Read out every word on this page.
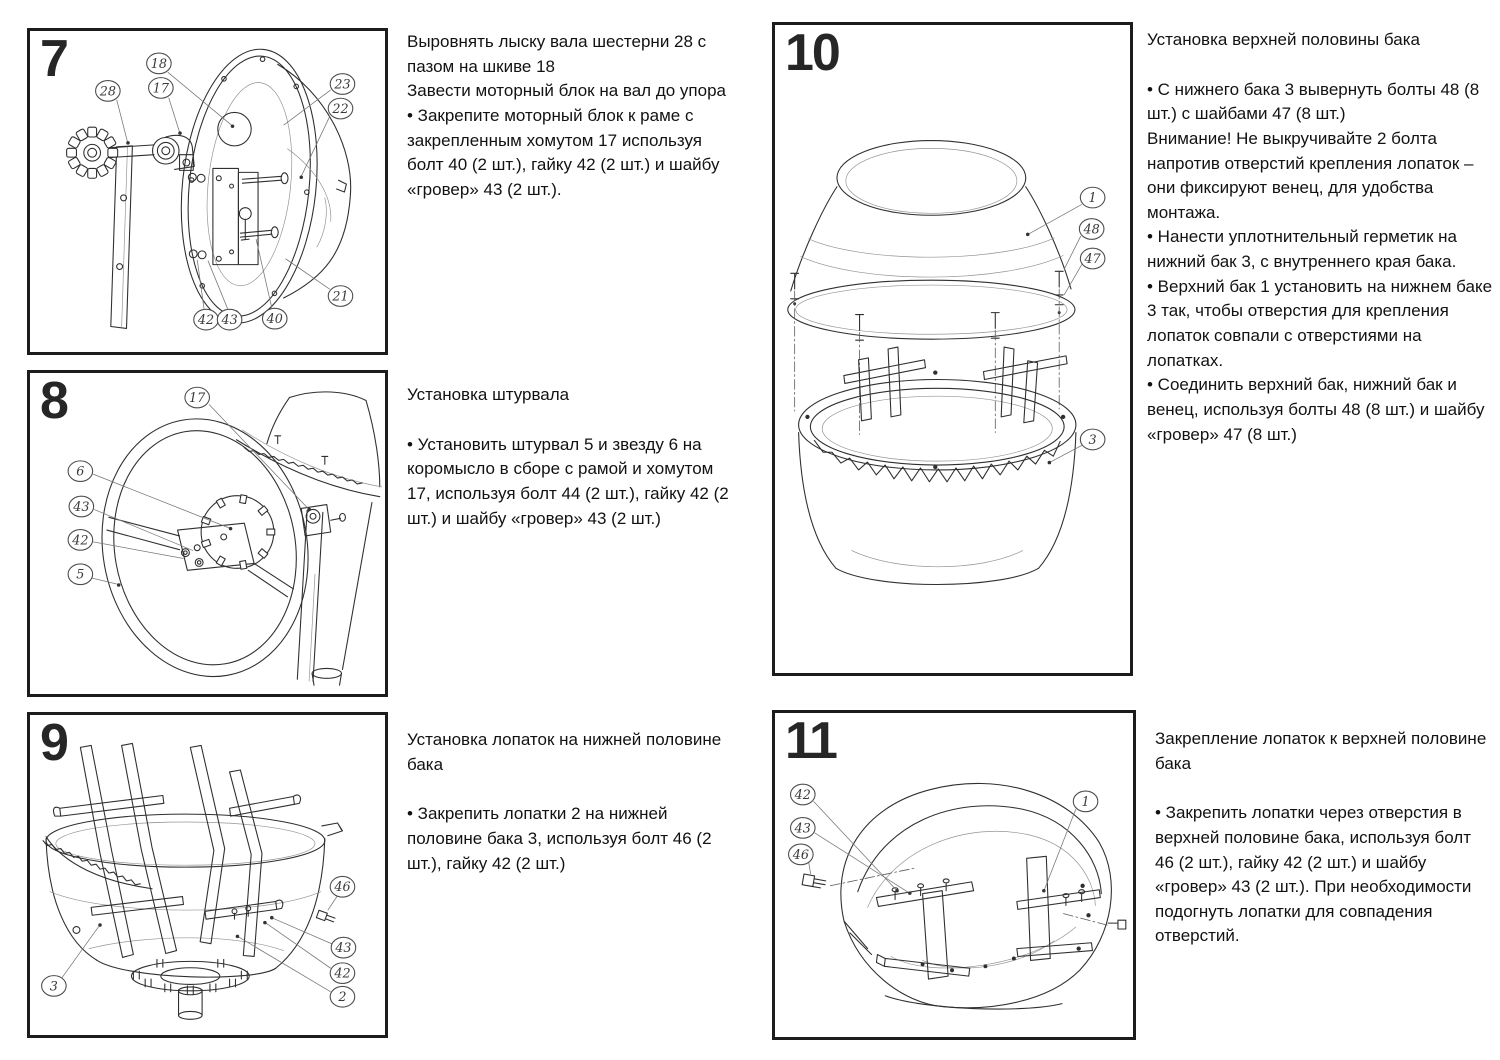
7	18
17
28	23
22
21
42 43 40

Выровнять лыску вала шестерни 28 с пазом на шкиве 18

Завести моторный блок на вал до упора

• Закрепите моторный блок к раме с закрепленным хомутом 17 используя болт 40 (2 шт.), гайку 42 (2 шт.) и шайбу «гровер» 43 (2 шт.).

8	17
6
43
42
5

Установка штурвала

• Установить штурвал 5 и звезду 6 на коромысло в сборе с рамой и хомутом 17, используя болт 44 (2 шт.), гайку 42 (2 шт.) и шайбу «гровер» 43 (2 шт.)

9
46
43
42
2
3

Установка лопаток на нижней половине бака

• Закрепить лопатки 2 на нижней половине бака 3, используя болт 46 (2 шт.), гайку 42 (2 шт.)

10
1
48
47
3

Установка верхней половины бака

• С нижнего бака 3 вывернуть болты 48 (8 шт.) с шайбами 47 (8 шт.)

Внимание! Не выкручивайте 2 болта напротив отверстий крепления лопаток – они фиксируют венец, для удобства монтажа.

• Нанести уплотнительный герметик на нижний бак 3, с внутреннего края бака.

• Верхний бак 1 установить на нижнем баке 3 так, чтобы отверстия для крепления лопаток совпали с отверстиями на лопатках.

• Соединить верхний бак, нижний бак и венец, используя болты 48 (8 шт.) и шайбу «гровер» 47 (8 шт.)

11
42
43
46
1

Закрепление лопаток к верхней половине бака

• Закрепить лопатки через отверстия в верхней половине бака, используя болт 46 (2 шт.), гайку 42 (2 шт.) и шайбу «гровер» 43 (2 шт.). При необходимости подогнуть лопатки для совпадения отверстий.
